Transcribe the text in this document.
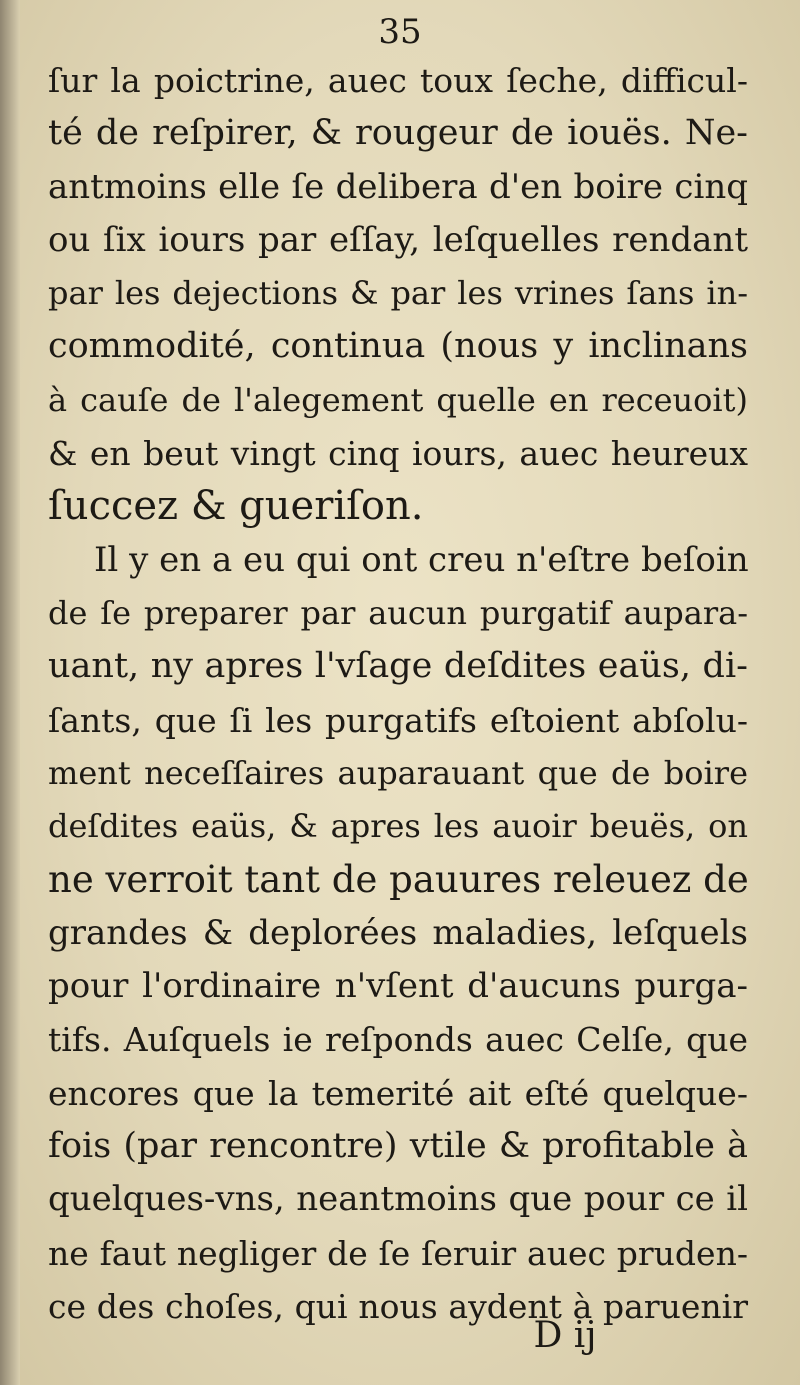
35
ſur la poictrine, auec toux ſeche, difficul-
té de reſpirer, & rougeur de iouës. Ne-
antmoins elle ſe delibera d'en boire cinq
ou ſix iours par eſſay, leſquelles rendant
par les dejections & par les vrines ſans in-
commodité, continua (nous y inclinans
à cauſe de l'alegement quelle en receuoit)
& en beut vingt cinq iours, auec heureux
ſuccez & gueriſon.
Il y en a eu qui ont creu n'eſtre beſoin
de ſe preparer par aucun purgatif aupara-
uant, ny apres l'vſage deſdites eaüs, di-
ſants, que ſi les purgatifs eſtoient abſolu-
ment neceſſaires auparauant que de boire
deſdites eaüs, & apres les auoir beuës, on
ne verroit tant de pauures releuez de
grandes & deplorées maladies, leſquels
pour l'ordinaire n'vſent d'aucuns purga-
tifs. Auſquels ie reſponds auec Celſe, que
encores que la temerité ait eſté quelque-
fois (par rencontre) vtile & profitable à
quelques-vns, neantmoins que pour ce il
ne faut negliger de ſe ſeruir auec pruden-
ce des choſes, qui nous aydent à paruenir
D ij
